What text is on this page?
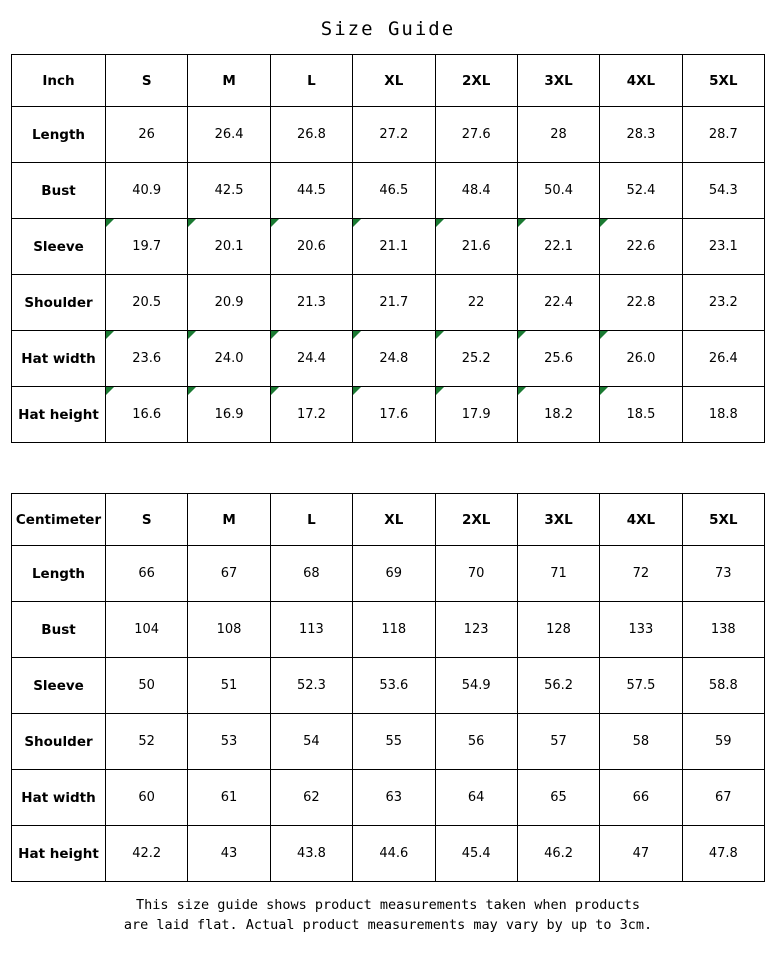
Size Guide
Inch	S	M	L	XL	2XL	3XL	4XL	5XL
Length	26	26.4	26.8	27.2	27.6	28	28.3	28.7
Bust	40.9	42.5	44.5	46.5	48.4	50.4	52.4	54.3
Sleeve	19.7	20.1	20.6	21.1	21.6	22.1	22.6	23.1
Shoulder	20.5	20.9	21.3	21.7	22	22.4	22.8	23.2
Hat width	23.6	24.0	24.4	24.8	25.2	25.6	26.0	26.4
Hat height	16.6	16.9	17.2	17.6	17.9	18.2	18.5	18.8
Centimeter	S	M	L	XL	2XL	3XL	4XL	5XL
Length	66	67	68	69	70	71	72	73
Bust	104	108	113	118	123	128	133	138
Sleeve	50	51	52.3	53.6	54.9	56.2	57.5	58.8
Shoulder	52	53	54	55	56	57	58	59
Hat width	60	61	62	63	64	65	66	67
Hat height	42.2	43	43.8	44.6	45.4	46.2	47	47.8
This size guide shows product measurements taken when products
are laid flat. Actual product measurements may vary by up to 3cm.
